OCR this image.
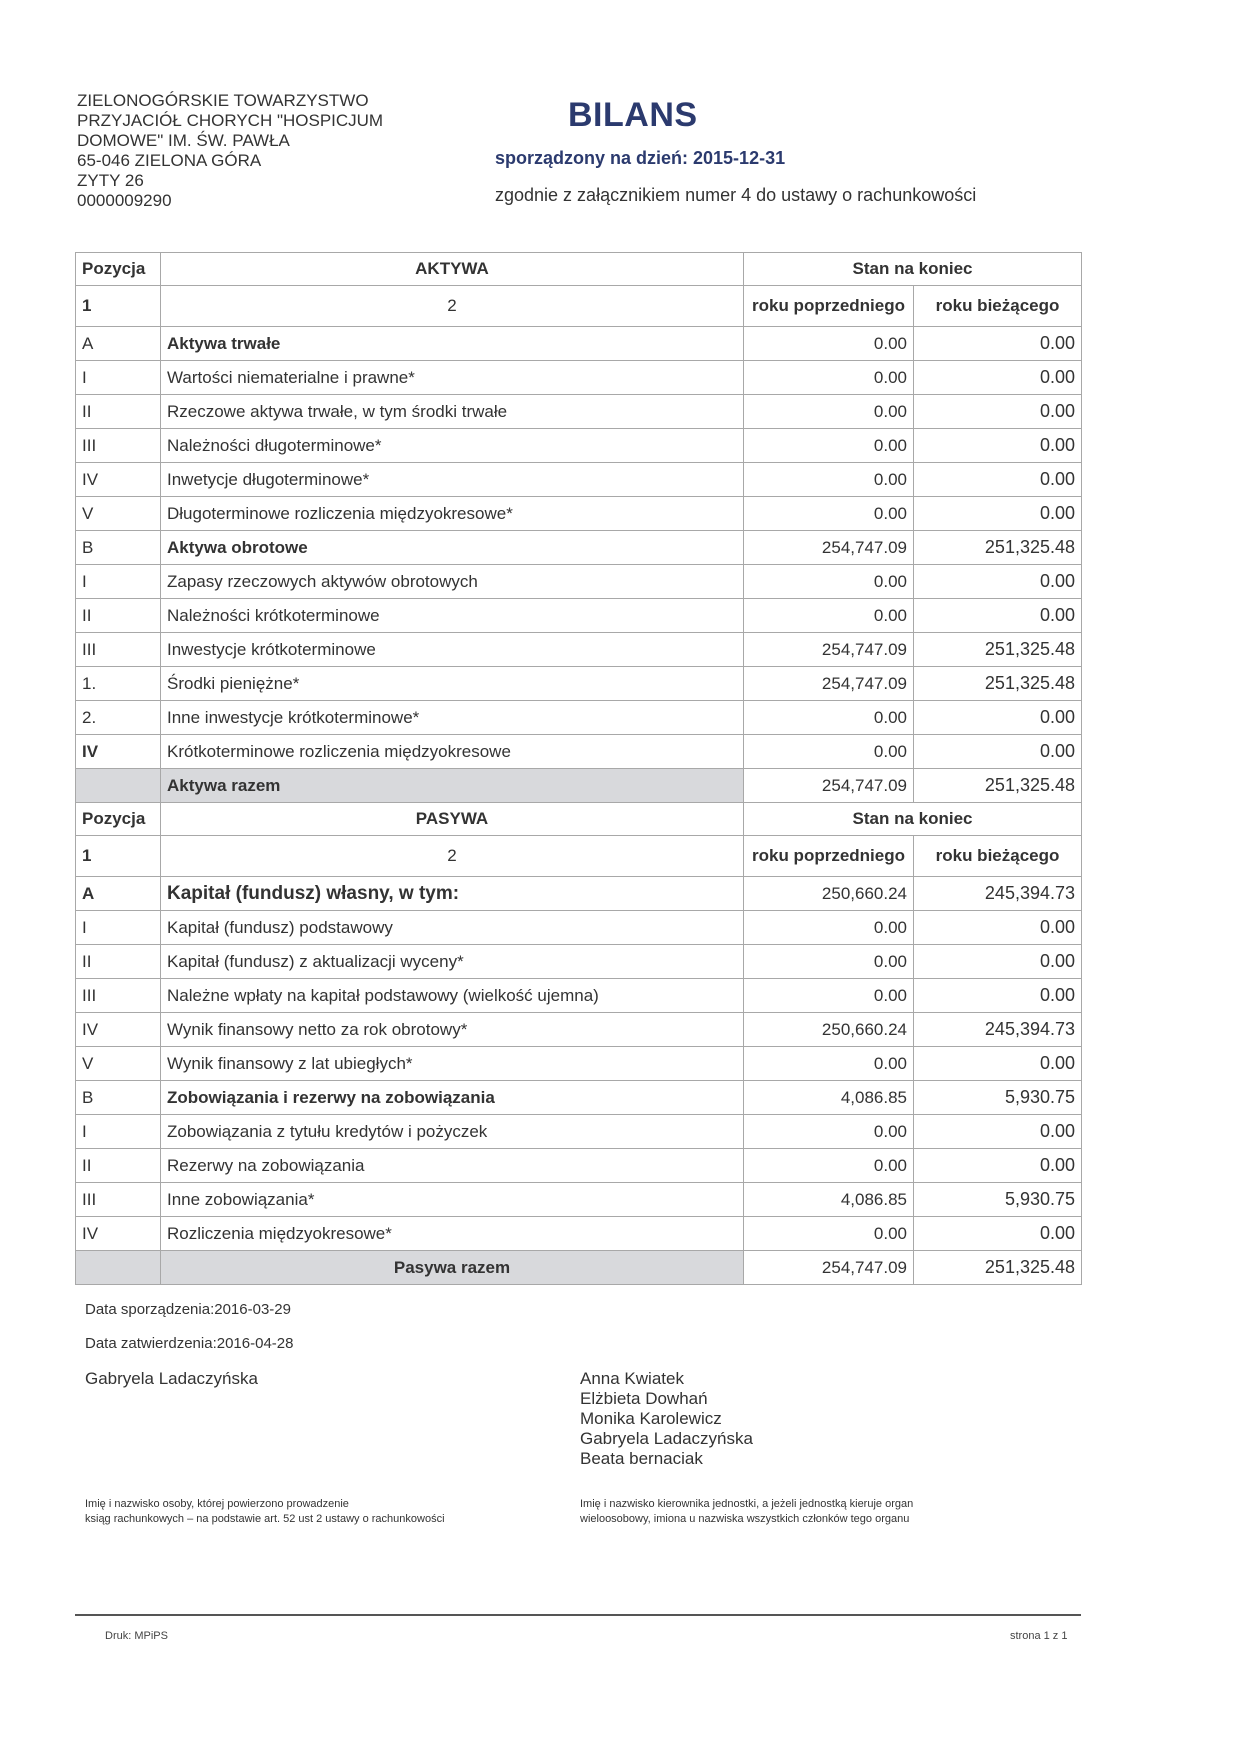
ZIELONOGÓRSKIE TOWARZYSTWO
PRZYJACIÓŁ CHORYCH "HOSPICJUM
DOMOWE" IM. ŚW. PAWŁA
65-046 ZIELONA GÓRA
ZYTY 26
0000009290
BILANS
sporządzony na dzień: 2015-12-31
zgodnie z załącznikiem numer 4 do ustawy o rachunkowości
Pozycja	AKTYWA	Stan na koniec	
1	2	roku poprzedniego	roku bieżącego
A	Aktywa trwałe	0.00	0.00
I	Wartości niematerialne i prawne*	0.00	0.00
II	Rzeczowe aktywa trwałe, w tym środki trwałe	0.00	0.00
III	Należności długoterminowe*	0.00	0.00
IV	Inwetycje długoterminowe*	0.00	0.00
V	Długoterminowe rozliczenia międzyokresowe*	0.00	0.00
B	Aktywa obrotowe	254,747.09	251,325.48
I	Zapasy rzeczowych aktywów obrotowych	0.00	0.00
II	Należności krótkoterminowe	0.00	0.00
III	Inwestycje krótkoterminowe	254,747.09	251,325.48
1.	Środki pieniężne*	254,747.09	251,325.48
2.	Inne inwestycje krótkoterminowe*	0.00	0.00
IV	Krótkoterminowe rozliczenia międzyokresowe	0.00	0.00
	Aktywa razem	254,747.09	251,325.48
Pozycja	PASYWA	Stan na koniec	
1	2	roku poprzedniego	roku bieżącego
A	Kapitał (fundusz) własny, w tym:	250,660.24	245,394.73
I	Kapitał (fundusz) podstawowy	0.00	0.00
II	Kapitał (fundusz) z aktualizacji wyceny*	0.00	0.00
III	Należne wpłaty na kapitał podstawowy (wielkość ujemna)	0.00	0.00
IV	Wynik finansowy netto za rok obrotowy*	250,660.24	245,394.73
V	Wynik finansowy z lat ubiegłych*	0.00	0.00
B	Zobowiązania i rezerwy na zobowiązania	4,086.85	5,930.75
I	Zobowiązania z tytułu kredytów i pożyczek	0.00	0.00
II	Rezerwy na zobowiązania	0.00	0.00
III	Inne zobowiązania*	4,086.85	5,930.75
IV	Rozliczenia międzyokresowe*	0.00	0.00
	Pasywa razem	254,747.09	251,325.48
Data sporządzenia:2016-03-29
Data zatwierdzenia:2016-04-28
Gabryela Ladaczyńska	Anna Kwiatek
Elżbieta Dowhań
Monika Karolewicz
Gabryela Ladaczyńska
Beata bernaciak
Imię i nazwisko osoby, której powierzono prowadzenie
ksiąg rachunkowych – na podstawie art. 52 ust 2 ustawy o rachunkowości
Imię i nazwisko kierownika jednostki, a jeżeli jednostką kieruje organ
wieloosobowy, imiona u nazwiska wszystkich członków tego organu
Druk: MPiPS	strona 1 z 1
